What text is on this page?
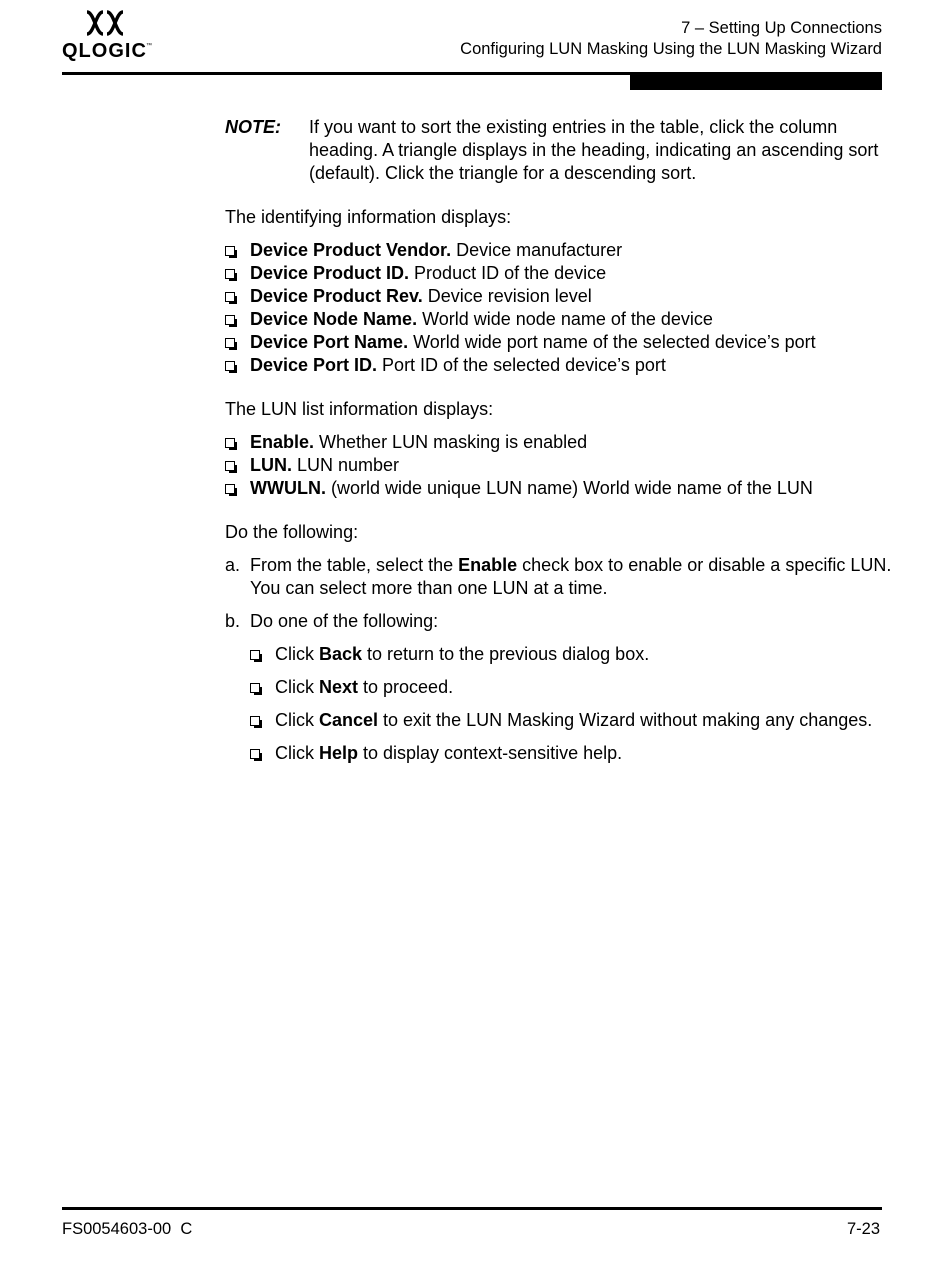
QLOGIC ™
7 – Setting Up Connections
Configuring LUN Masking Using the LUN Masking Wizard
NOTE: If you want to sort the existing entries in the table, click the column heading. A triangle displays in the heading, indicating an ascending sort (default). Click the triangle for a descending sort.

The identifying information displays:

Device Product Vendor. Device manufacturer
Device Product ID. Product ID of the device
Device Product Rev. Device revision level
Device Node Name. World wide node name of the device
Device Port Name. World wide port name of the selected device’s port
Device Port ID. Port ID of the selected device’s port

The LUN list information displays:

Enable. Whether LUN masking is enabled
LUN. LUN number
WWULN. (world wide unique LUN name) World wide name of the LUN

Do the following:

a. From the table, select the Enable check box to enable or disable a specific LUN. You can select more than one LUN at a time.
b. Do one of the following:
Click Back to return to the previous dialog box.
Click Next to proceed.
Click Cancel to exit the LUN Masking Wizard without making any changes.
Click Help to display context-sensitive help.
FS0054603-00  C	7-23
